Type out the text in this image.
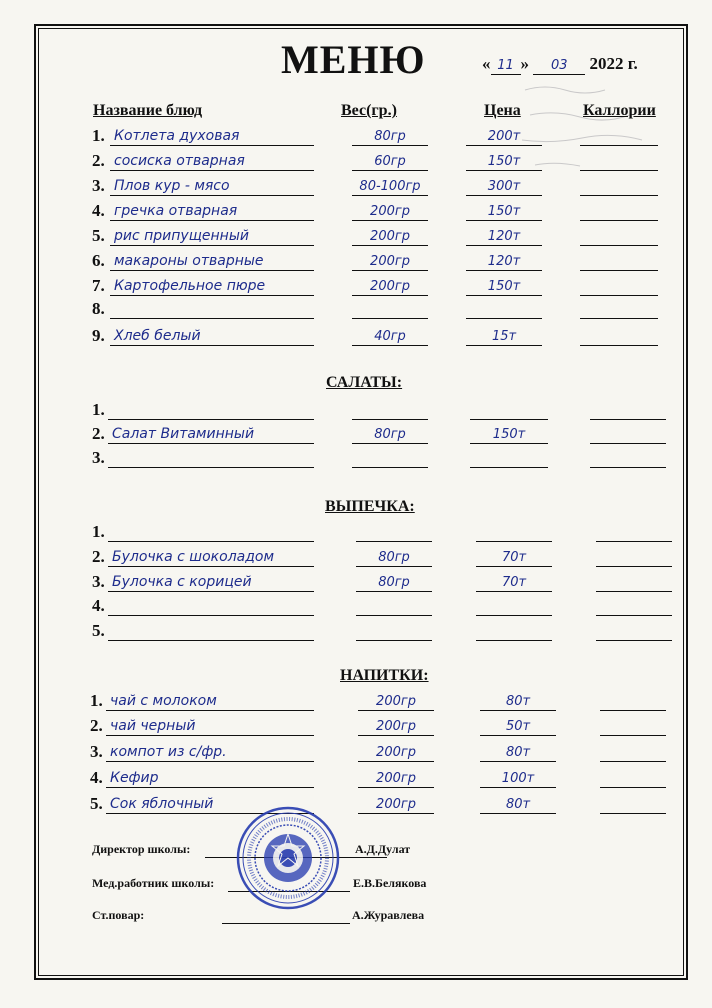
МЕНЮ	« 11 » 03 2022 г.
Название блюд	Вес(гр.)	Цена	Каллории
1. Котлета духовая	80гр	200т
2. сосиска отварная	60гр	150т
3. Плов кур - мясо	80-100гр	300т
4. гречка отварная	200гр	150т
5. рис припущенный	200гр	120т
6. макароны отварные	200гр	120т
7. Картофельное пюре	200гр	150т
8.
9. Хлеб белый	40гр	15т
САЛАТЫ:
1.
2. Салат Витаминный	80гр	150т
3.
ВЫПЕЧКА:
1.
2. Булочка с шоколадом	80гр	70т
3. Булочка с корицей	80гр	70т
4.
5.
НАПИТКИ:
1. чай с молоком	200гр	80т
2. чай черный	200гр	50т
3. компот из с/фр.	200гр	80т
4. Кефир	200гр	100т
5. Сок яблочный	200гр	80т
Директор школы:	А.Д.Дулат
Мед.работник школы:	Е.В.Белякова
Ст.повар:	А.Журавлева
